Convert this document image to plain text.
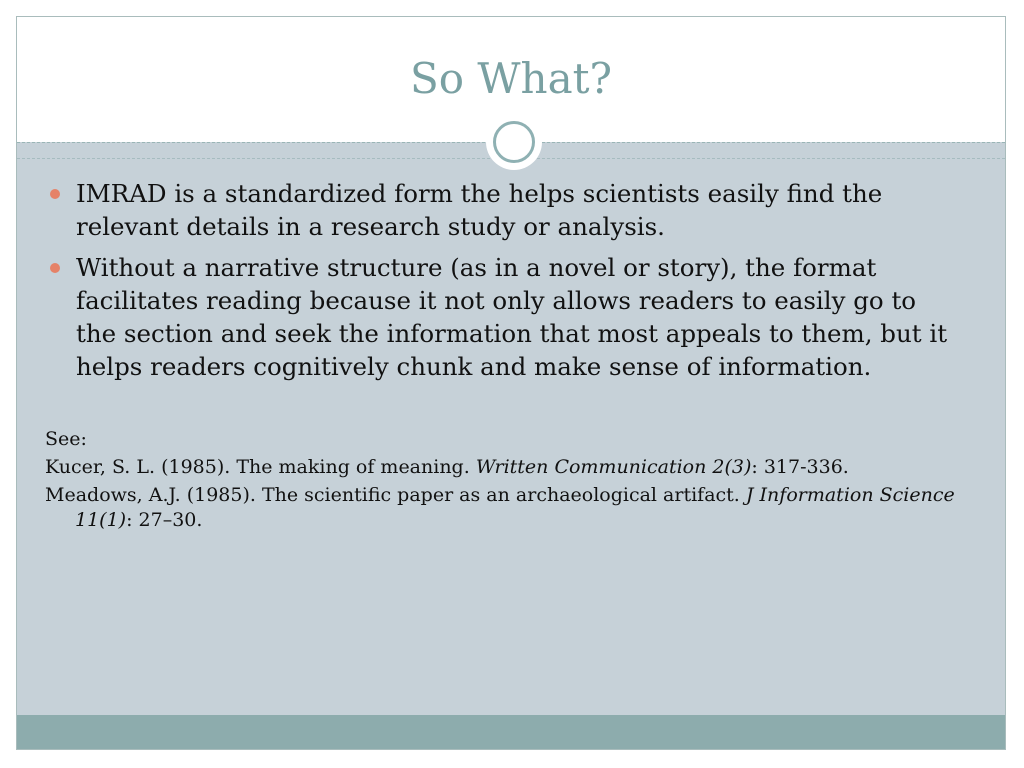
So What?
IMRAD is a standardized form the helps scientists easily find the relevant details in a research study or analysis.
Without a narrative structure (as in a novel or story), the format facilitates reading because it not only allows readers to easily go to the section and seek the information that most appeals to them, but it helps readers cognitively chunk and make sense of information.
See:
Kucer, S. L. (1985). The making of meaning. Written Communication 2(3): 317-336.
Meadows, A.J. (1985). The scientific paper as an archaeological artifact. J Information Science 11(1): 27–30.
